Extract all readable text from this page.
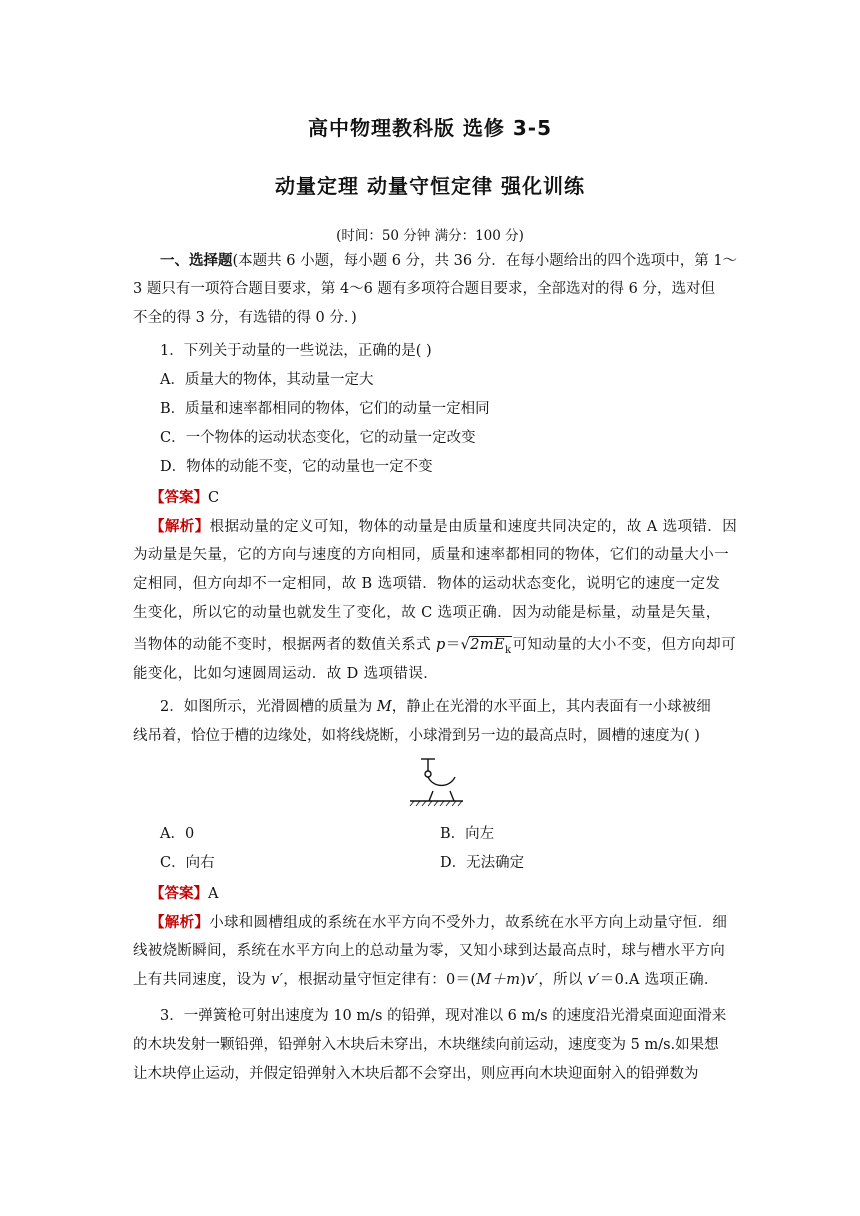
高中物理教科版 选修 3-5
动量定理 动量守恒定律 强化训练
(时间：50 分钟 满分：100 分)
一、选择题(本题共 6 小题，每小题 6 分，共 36 分．在每小题给出的四个选项中，第 1～
3 题只有一项符合题目要求，第 4～6 题有多项符合题目要求，全部选对的得 6 分，选对但
不全的得 3 分，有选错的得 0 分．)
1．下列关于动量的一些说法，正确的是( )
A．质量大的物体，其动量一定大
B．质量和速率都相同的物体，它们的动量一定相同
C．一个物体的运动状态变化，它的动量一定改变
D．物体的动能不变，它的动量也一定不变
【答案】C
【解析】根据动量的定义可知，物体的动量是由质量和速度共同决定的，故 A 选项错．因
为动量是矢量，它的方向与速度的方向相同，质量和速率都相同的物体，它们的动量大小一
定相同，但方向却不一定相同，故 B 选项错．物体的运动状态变化，说明它的速度一定发
生变化，所以它的动量也就发生了变化，故 C 选项正确．因为动能是标量，动量是矢量，
当物体的动能不变时，根据两者的数值关系式 $p=√2mE_k$可知动量的大小不变，但方向却可
能变化，比如匀速圆周运动．故 D 选项错误．
2．如图所示，光滑圆槽的质量为 M，静止在光滑的水平面上，其内表面有一小球被细
线吊着，恰位于槽的边缘处，如将线烧断，小球滑到另一边的最高点时，圆槽的速度为( )
A．0	B．向左
C．向右	D．无法确定
【答案】A
【解析】小球和圆槽组成的系统在水平方向不受外力，故系统在水平方向上动量守恒．细
线被烧断瞬间，系统在水平方向上的总动量为零，又知小球到达最高点时，球与槽水平方向
上有共同速度，设为 v′，根据动量守恒定律有：0＝(M＋m)v′，所以 v′＝0.A 选项正确．
3．一弹簧枪可射出速度为 10 m/s 的铅弹，现对准以 6 m/s 的速度沿光滑桌面迎面滑来
的木块发射一颗铅弹，铅弹射入木块后未穿出，木块继续向前运动，速度变为 5 m/s.如果想
让木块停止运动，并假定铅弹射入木块后都不会穿出，则应再向木块迎面射入的铅弹数为
